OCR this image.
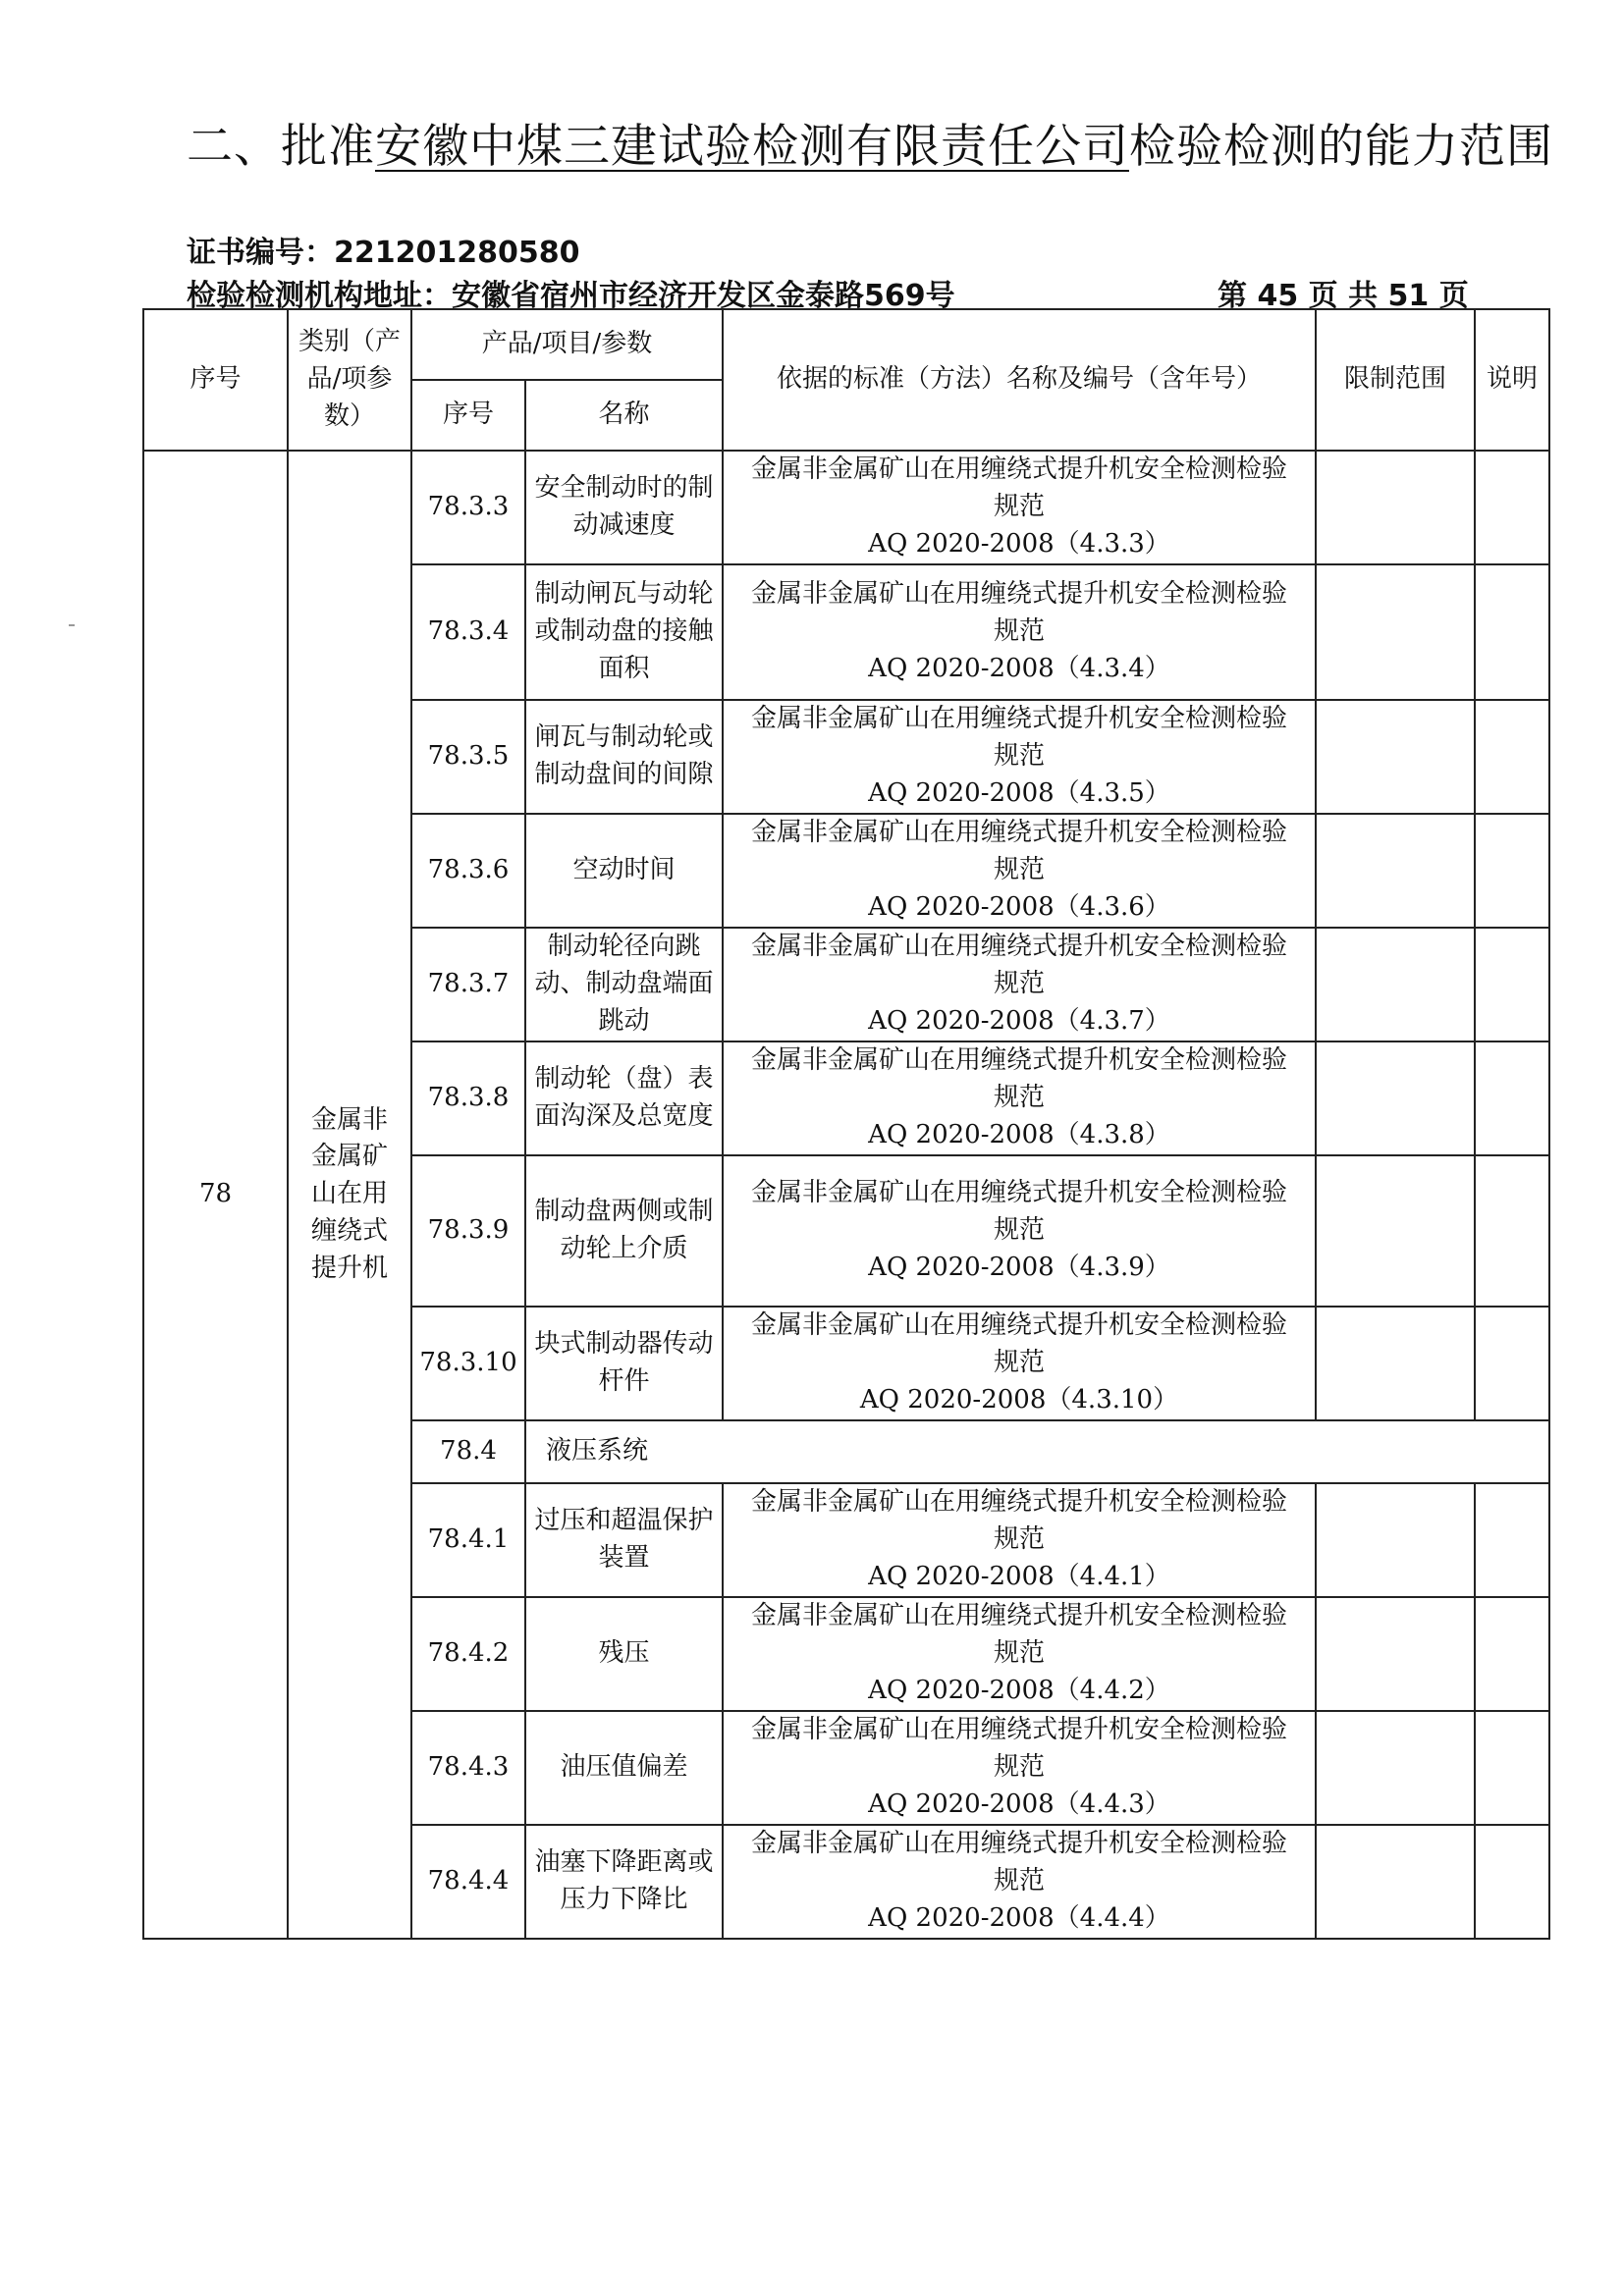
二、批准安徽中煤三建试验检测有限责任公司检验检测的能力范围
证书编号：221201280580
检验检测机构地址：安徽省宿州市经济开发区金泰路569号	第 45 页 共 51 页
序号	类别（产品/项参数）	产品/项目/参数		依据的标准（方法）名称及编号（含年号）	限制范围	说明
		序号	名称			
78	金属非金属矿山在用缠绕式提升机	78.3.3	安全制动时的制动减速度	金属非金属矿山在用缠绕式提升机安全检测检验规范
AQ 2020-2008（4.3.3）		

		78.3.4	制动闸瓦与动轮或制动盘的接触面积	金属非金属矿山在用缠绕式提升机安全检测检验规范
AQ 2020-2008（4.3.4）		

		78.3.5	闸瓦与制动轮或制动盘间的间隙	金属非金属矿山在用缠绕式提升机安全检测检验规范
AQ 2020-2008（4.3.5）		

		78.3.6	空动时间	金属非金属矿山在用缠绕式提升机安全检测检验规范
AQ 2020-2008（4.3.6）		

		78.3.7	制动轮径向跳动、制动盘端面跳动	金属非金属矿山在用缠绕式提升机安全检测检验规范
AQ 2020-2008（4.3.7）		

		78.3.8	制动轮（盘）表面沟深及总宽度	金属非金属矿山在用缠绕式提升机安全检测检验规范
AQ 2020-2008（4.3.8）		

		78.3.9	制动盘两侧或制动轮上介质	金属非金属矿山在用缠绕式提升机安全检测检验规范
AQ 2020-2008（4.3.9）		

		78.3.10	块式制动器传动杆件	金属非金属矿山在用缠绕式提升机安全检测检验规范
AQ 2020-2008（4.3.10）		

		78.4	液压系统			
		78.4.1	过压和超温保护装置	金属非金属矿山在用缠绕式提升机安全检测检验规范
AQ 2020-2008（4.4.1）		

		78.4.2	残压	金属非金属矿山在用缠绕式提升机安全检测检验规范
AQ 2020-2008（4.4.2）		

		78.4.3	油压值偏差	金属非金属矿山在用缠绕式提升机安全检测检验规范
AQ 2020-2008（4.4.3）		

		78.4.4	油塞下降距离或压力下降比	金属非金属矿山在用缠绕式提升机安全检测检验规范
AQ 2020-2008（4.4.4）		
